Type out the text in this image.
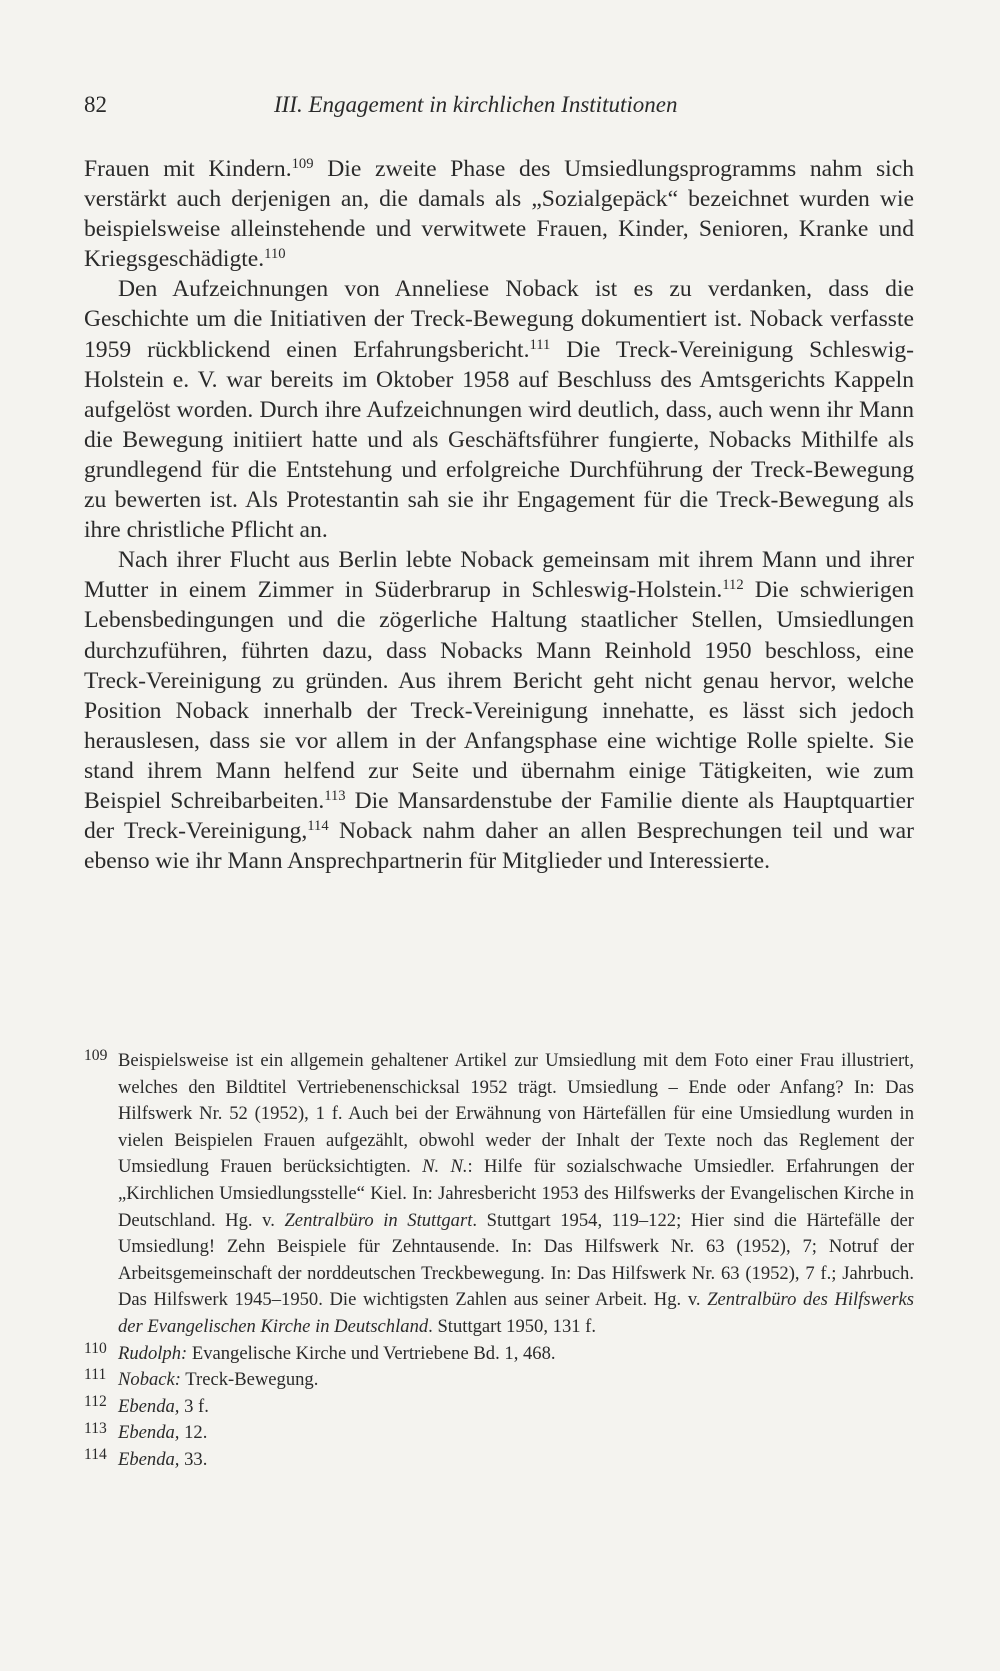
82	III. Engagement in kirchlichen Institutionen

Frauen mit Kindern.$^{109}$ Die zweite Phase des Umsiedlungsprogramms nahm sich verstärkt auch derjenigen an, die damals als „Sozialgepäck“ bezeichnet wurden wie beispielsweise alleinstehende und verwitwete Frauen, Kinder, Senioren, Kranke und Kriegsgeschädigte.$^{110}$

Den Aufzeichnungen von Anneliese Noback ist es zu verdanken, dass die Geschichte um die Initiativen der Treck-Bewegung dokumentiert ist. Noback verfasste 1959 rückblickend einen Erfahrungsbericht.$^{111}$ Die Treck-Vereinigung Schleswig-Holstein e. V. war bereits im Oktober 1958 auf Beschluss des Amtsgerichts Kappeln aufgelöst worden. Durch ihre Aufzeichnungen wird deutlich, dass, auch wenn ihr Mann die Bewegung initiiert hatte und als Geschäftsführer fungierte, Nobacks Mithilfe als grundlegend für die Entstehung und erfolgreiche Durchführung der Treck-Bewegung zu bewerten ist. Als Protestantin sah sie ihr Engagement für die Treck-Bewegung als ihre christliche Pflicht an.

Nach ihrer Flucht aus Berlin lebte Noback gemeinsam mit ihrem Mann und ihrer Mutter in einem Zimmer in Süderbrarup in Schleswig-Holstein.$^{112}$ Die schwierigen Lebensbedingungen und die zögerliche Haltung staatlicher Stellen, Umsiedlungen durchzuführen, führten dazu, dass Nobacks Mann Reinhold 1950 beschloss, eine Treck-Vereinigung zu gründen. Aus ihrem Bericht geht nicht genau hervor, welche Position Noback innerhalb der Treck-Vereinigung innehatte, es lässt sich jedoch herauslesen, dass sie vor allem in der Anfangsphase eine wichtige Rolle spielte. Sie stand ihrem Mann helfend zur Seite und übernahm einige Tätigkeiten, wie zum Beispiel Schreibarbeiten.$^{113}$ Die Mansardenstube der Familie diente als Hauptquartier der Treck-Vereinigung,$^{114}$ Noback nahm daher an allen Besprechungen teil und war ebenso wie ihr Mann Ansprechpartnerin für Mitglieder und Interessierte.

109 Beispielsweise ist ein allgemein gehaltener Artikel zur Umsiedlung mit dem Foto einer Frau illustriert, welches den Bildtitel Vertriebenenschicksal 1952 trägt. Umsiedlung – Ende oder Anfang? In: Das Hilfswerk Nr. 52 (1952), 1 f. Auch bei der Erwähnung von Härtefällen für eine Umsiedlung wurden in vielen Beispielen Frauen aufgezählt, obwohl weder der Inhalt der Texte noch das Reglement der Umsiedlung Frauen berücksichtigten. N. N.: Hilfe für sozialschwache Umsiedler. Erfahrungen der „Kirchlichen Umsiedlungsstelle“ Kiel. In: Jahresbericht 1953 des Hilfswerks der Evangelischen Kirche in Deutschland. Hg. v. Zentralbüro in Stuttgart. Stuttgart 1954, 119–122; Hier sind die Härtefälle der Umsiedlung! Zehn Beispiele für Zehntausende. In: Das Hilfswerk Nr. 63 (1952), 7; Notruf der Arbeitsgemeinschaft der norddeutschen Treckbewegung. In: Das Hilfswerk Nr. 63 (1952), 7 f.; Jahrbuch. Das Hilfswerk 1945–1950. Die wichtigsten Zahlen aus seiner Arbeit. Hg. v. Zentralbüro des Hilfswerks der Evangelischen Kirche in Deutschland. Stuttgart 1950, 131 f.
110 Rudolph: Evangelische Kirche und Vertriebene Bd. 1, 468.
111 Noback: Treck-Bewegung.
112 Ebenda, 3 f.
113 Ebenda, 12.
114 Ebenda, 33.
